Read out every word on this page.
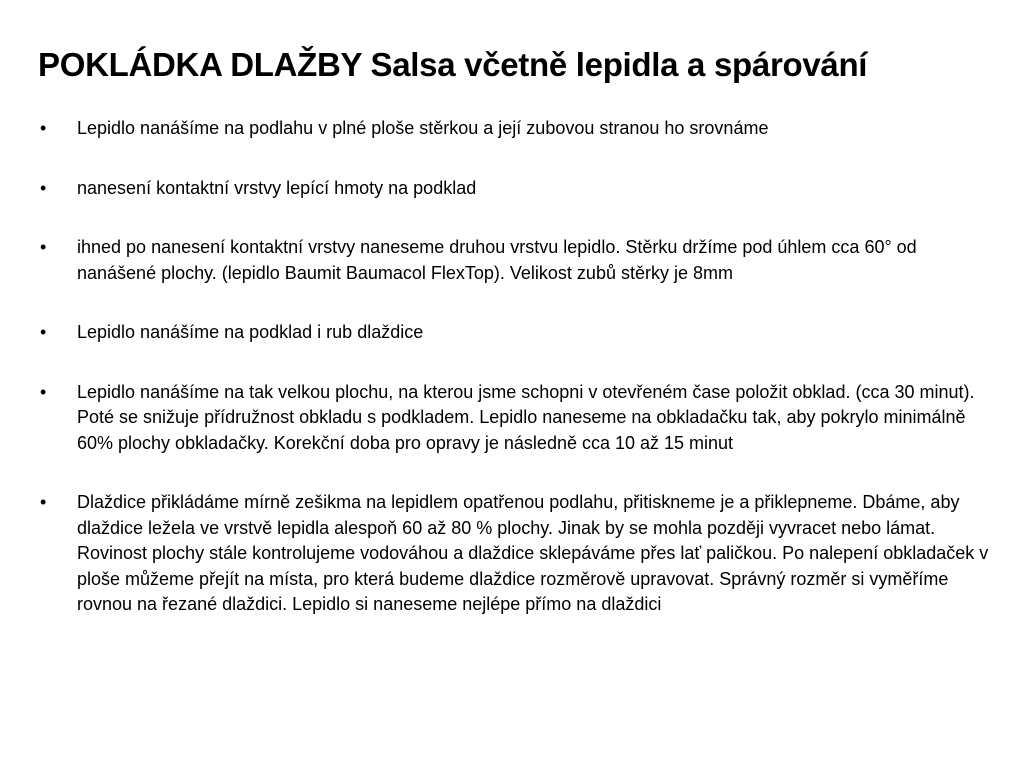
POKLÁDKA DLAŽBY Salsa včetně lepidla a spárování
•	Lepidlo nanášíme na podlahu v plné ploše stěrkou a její zubovou stranou ho srovnáme
•	nanesení kontaktní vrstvy lepící hmoty na podklad
•	ihned po nanesení kontaktní vrstvy naneseme druhou vrstvu lepidlo. Stěrku držíme pod úhlem cca 60° od nanášené plochy. (lepidlo Baumit Baumacol FlexTop). Velikost zubů stěrky je 8mm
•	Lepidlo nanášíme na podklad i rub dlaždice
•	Lepidlo nanášíme na tak velkou plochu, na kterou jsme schopni v otevřeném čase položit obklad. (cca 30 minut). Poté se snižuje přídružnost obkladu s podkladem. Lepidlo naneseme na obkladačku tak, aby pokrylo minimálně 60% plochy obkladačky. Korekční doba pro opravy je následně cca 10 až 15 minut
•	Dlaždice přikládáme mírně zešikma na lepidlem opatřenou podlahu, přitiskneme je a přiklepneme. Dbáme, aby dlaždice ležela ve vrstvě lepidla alespoň 60 až 80 % plochy. Jinak by se mohla později vyvracet nebo lámat. Rovinost plochy stále kontrolujeme vodováhou a dlaždice sklepáváme přes lať paličkou. Po nalepení obkladaček v ploše můžeme přejít na místa, pro která budeme dlaždice rozměrově upravovat. Správný rozměr si vyměříme rovnou na řezané dlaždici. Lepidlo si naneseme nejlépe přímo na dlaždici
